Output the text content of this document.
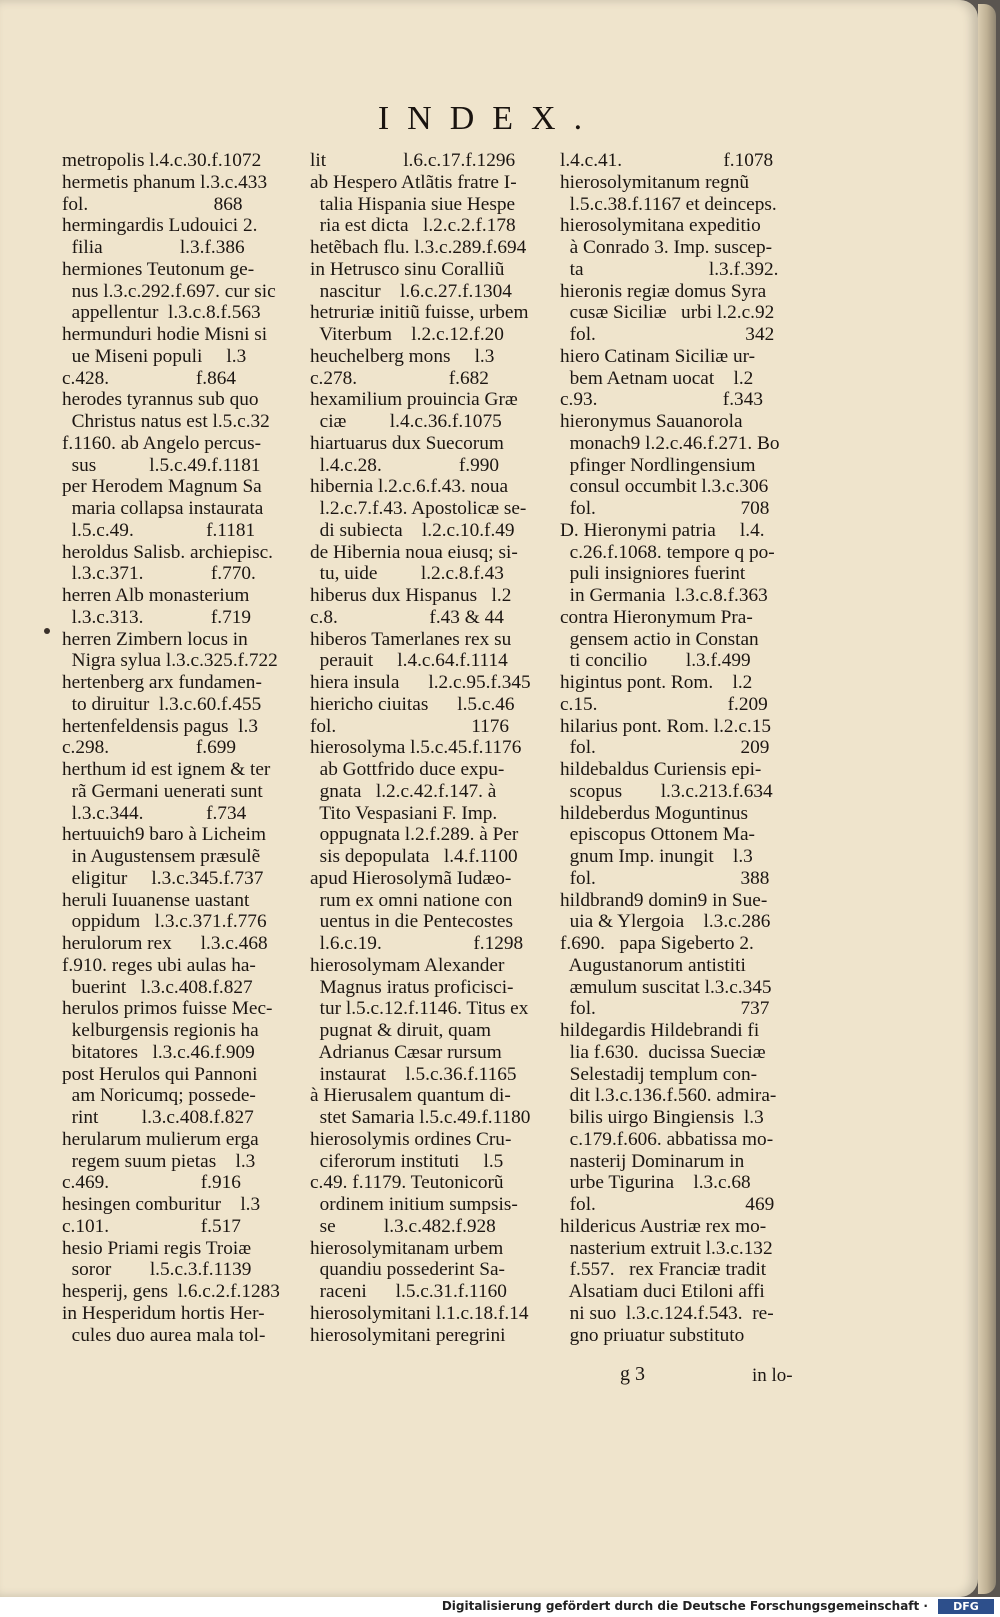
INDEX.
metropolis l.4.c.30.f.1072
hermetis phanum l.3.c.433
fol.                          868
hermingardis Ludouici 2.
filia                l.3.f.386
hermiones Teutonum ge-
nus l.3.c.292.f.697. cur sic
appellentur  l.3.c.8.f.563
hermunduri hodie Misni si
ue Miseni populi     l.3
c.428.                  f.864
herodes tyrannus sub quo
Christus natus est l.5.c.32
f.1160. ab Angelo percus-
sus           l.5.c.49.f.1181
per Herodem Magnum Sa
maria collapsa instaurata
l.5.c.49.               f.1181
heroldus Salisb. archiepisc.
l.3.c.371.              f.770.
herren Alb monasterium
l.3.c.313.              f.719
herren Zimbern locus in
Nigra sylua l.3.c.325.f.722
hertenberg arx fundamen-
to diruitur  l.3.c.60.f.455
hertenfeldensis pagus  l.3
c.298.                  f.699
herthum id est ignem & ter
rã Germani uenerati sunt
l.3.c.344.             f.734
hertuuich9 baro à Licheim
in Augustensem præsulẽ
eligitur     l.3.c.345.f.737
heruli Iuuanense uastant
oppidum   l.3.c.371.f.776
herulorum rex      l.3.c.468
f.910. reges ubi aulas ha-
buerint   l.3.c.408.f.827
herulos primos fuisse Mec-
kelburgensis regionis ha
bitatores   l.3.c.46.f.909
post Herulos qui Pannoni
am Noricumq; possede-
rint         l.3.c.408.f.827
herularum mulierum erga
regem suum pietas    l.3
c.469.                   f.916
hesingen comburitur    l.3
c.101.                   f.517
hesio Priami regis Troiæ
soror        l.5.c.3.f.1139
hesperij, gens  l.6.c.2.f.1283
in Hesperidum hortis Her-
cules duo aurea mala tol-
lit                l.6.c.17.f.1296
ab Hespero Atlãtis fratre I-
talia Hispania siue Hespe
ria est dicta   l.2.c.2.f.178
hetẽbach flu. l.3.c.289.f.694
in Hetrusco sinu Coralliũ
nascitur    l.6.c.27.f.1304
hetruriæ initiũ fuisse, urbem
Viterbum    l.2.c.12.f.20
heuchelberg mons     l.3
c.278.                   f.682
hexamilium prouincia Græ
ciæ         l.4.c.36.f.1075
hiartuarus dux Suecorum
l.4.c.28.                f.990
hibernia l.2.c.6.f.43. noua
l.2.c.7.f.43. Apostolicæ se-
di subiecta    l.2.c.10.f.49
de Hibernia noua eiusq; si-
tu, uide         l.2.c.8.f.43
hiberus dux Hispanus   l.2
c.8.                   f.43 & 44
hiberos Tamerlanes rex su
perauit     l.4.c.64.f.1114
hiera insula      l.2.c.95.f.345
hiericho ciuitas      l.5.c.46
fol.                            1176
hierosolyma l.5.c.45.f.1176
ab Gottfrido duce expu-
gnata   l.2.c.42.f.147. à
Tito Vespasiani F. Imp.
oppugnata l.2.f.289. à Per
sis depopulata   l.4.f.1100
apud Hierosolymã Iudæo-
rum ex omni natione con
uentus in die Pentecostes
l.6.c.19.                   f.1298
hierosolymam Alexander
Magnus iratus proficisci-
tur l.5.c.12.f.1146. Titus ex
pugnat & diruit, quam
Adrianus Cæsar rursum
instaurat    l.5.c.36.f.1165
à Hierusalem quantum di-
stet Samaria l.5.c.49.f.1180
hierosolymis ordines Cru-
ciferorum instituti     l.5
c.49. f.1179. Teutonicorũ
ordinem initium sumpsis-
se          l.3.c.482.f.928
hierosolymitanam urbem
quandiu possederint Sa-
raceni      l.5.c.31.f.1160
hierosolymitani l.1.c.18.f.14
hierosolymitani peregrini
l.4.c.41.                     f.1078
hierosolymitanum regnũ
l.5.c.38.f.1167 et deinceps.
hierosolymitana expeditio
à Conrado 3. Imp. suscep-
ta                          l.3.f.392.
hieronis regiæ domus Syra
cusæ Siciliæ   urbi l.2.c.92
fol.                               342
hiero Catinam Siciliæ ur-
bem Aetnam uocat    l.2
c.93.                          f.343
hieronymus Sauanorola
monach9 l.2.c.46.f.271. Bo
pfinger Nordlingensium
consul occumbit l.3.c.306
fol.                              708
D. Hieronymi patria     l.4.
c.26.f.1068. tempore q po-
puli insigniores fuerint
in Germania  l.3.c.8.f.363
contra Hieronymum Pra-
gensem actio in Constan
ti concilio        l.3.f.499
higintus pont. Rom.    l.2
c.15.                           f.209
hilarius pont. Rom. l.2.c.15
fol.                              209
hildebaldus Curiensis epi-
scopus        l.3.c.213.f.634
hildeberdus Moguntinus
episcopus Ottonem Ma-
gnum Imp. inungit    l.3
fol.                              388
hildbrand9 domin9 in Sue-
uia & Ylergoia    l.3.c.286
f.690.   papa Sigeberto 2.
Augustanorum antistiti
æmulum suscitat l.3.c.345
fol.                              737
hildegardis Hildebrandi fi
lia f.630.  ducissa Sueciæ
Selestadij templum con-
dit l.3.c.136.f.560. admira-
bilis uirgo Bingiensis  l.3
c.179.f.606. abbatissa mo-
nasterij Dominarum in
urbe Tigurina    l.3.c.68
fol.                               469
hildericus Austriæ rex mo-
nasterium extruit l.3.c.132
f.557.   rex Franciæ tradit
Alsatiam duci Etiloni affi
ni suo  l.3.c.124.f.543.  re-
gno priuatur substituto
g 3	in lo-
Digitalisierung gefördert durch die Deutsche Forschungsgemeinschaft ·	DFG
